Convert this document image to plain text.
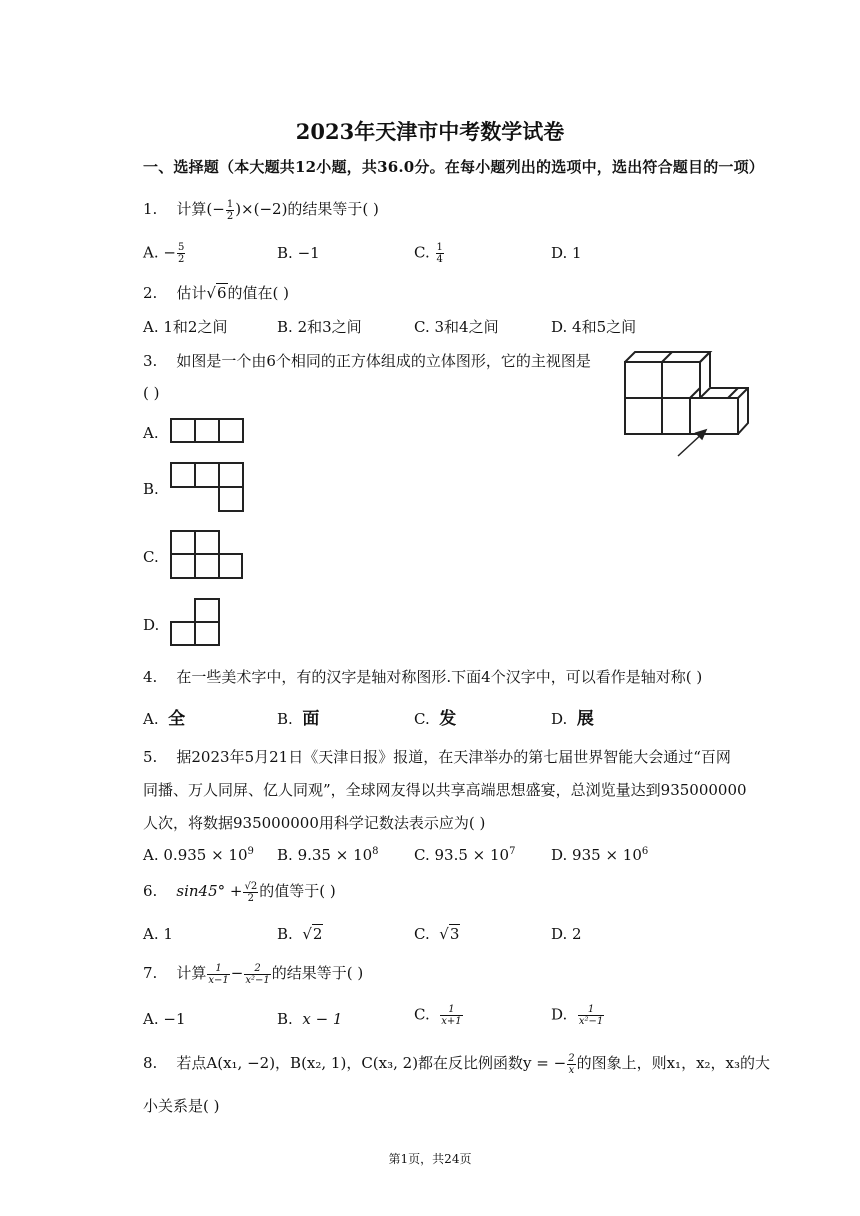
2023年天津市中考数学试卷
一、选择题（本大题共12小题，共36.0分。在每小题列出的选项中，选出符合题目的一项）
1. 计算(− $\frac{1}{2} )\times(-2)$的结果等于( )
A. − $\frac{5}{2}$	B. −1	C. $\frac{1}{4}$	D. 1
2. 估计√6的值在( )
A. 1和2之间	B. 2和3之间	C. 3和4之间	D. 4和5之间
3. 如图是一个由6个相同的正方体组成的立体图形，它的主视图是
( )
A.
B.
C.
D.
4. 在一些美术字中，有的汉字是轴对称图形.下面4个汉字中，可以看作是轴对称( )
A. 全	B. 面	C. 发	D. 展
5. 据2023年5月21日《天津日报》报道，在天津举办的第七届世界智能大会通过“百网
同播、万人同屏、亿人同观”，全球网友得以共享高端思想盛宴，总浏览量达到935000000
人次，将数据935000000用科学记数法表示应为( )
A. $0.935 \times 10^9$ B. $9.35 \times 10^8$ C. $93.5 \times 10^7$ D. $935 \times 10^6$
6. $\sin 45^\circ + \frac{√2}{2}$ 的值等于( )
A. 1	B. √2	C. √3	D. 2
7. 计算 $\frac{1}{x-1} - \frac{2}{\text{x²−1}}$ 的结果等于( )
A. −1	B. x − 1	C. $\frac{1}{x+1}$	D. $\frac{1}{\text{x²−1}}$
8. 若点A(x₁, −2)，B(x₂, 1)，C(x₃, 2)都在反比例函数y = − $\frac{2}{x}$ 的图象上，则x₁，x₂，x₃的大
小关系是( )
第1页，共24页
